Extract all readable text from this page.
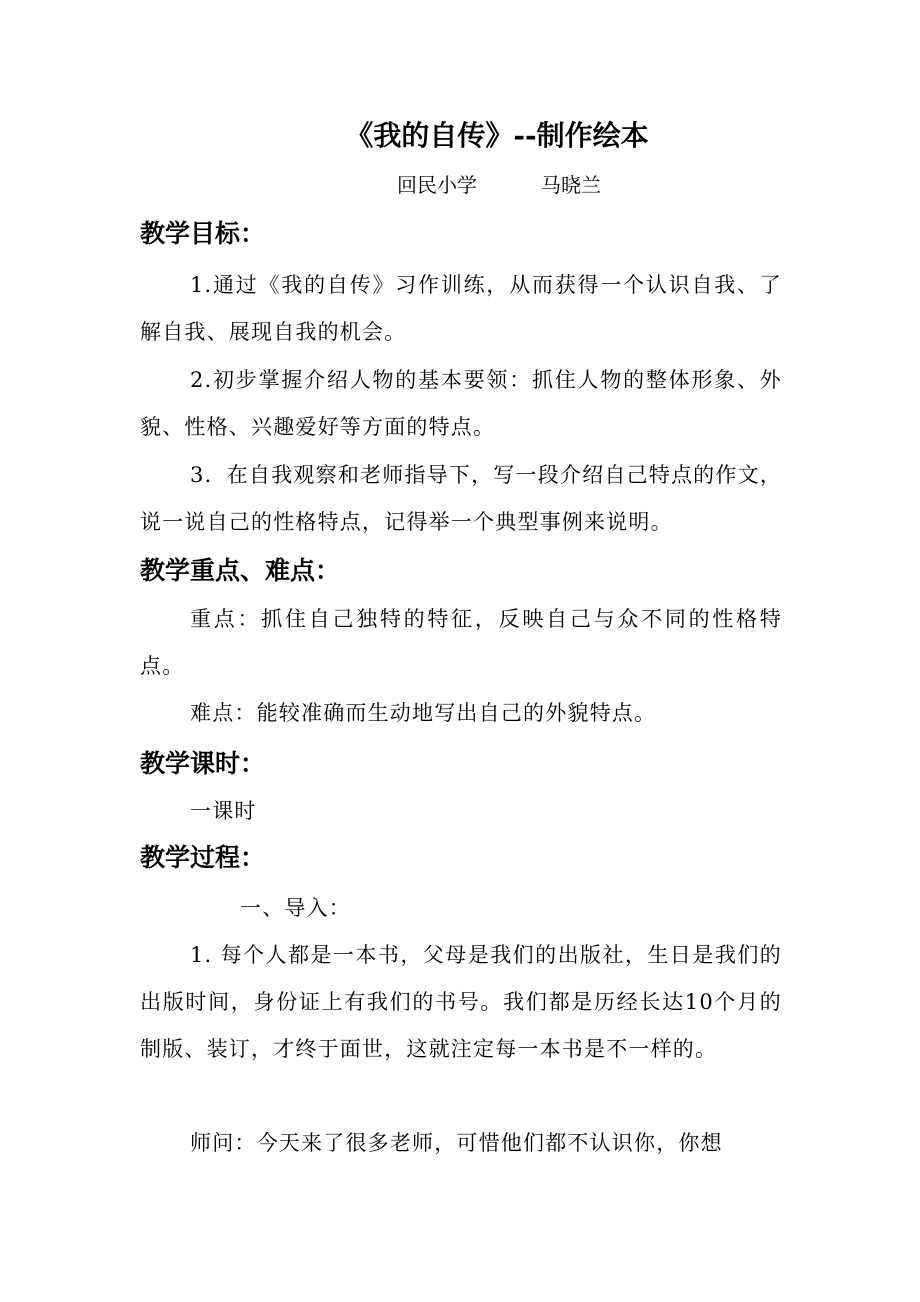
《我的自传》--制作绘本
回民小学	马晓兰
教学目标：
1.通过《我的自传》习作训练，从而获得一个认识自我、了解自我、展现自我的机会。
2.初步掌握介绍人物的基本要领：抓住人物的整体形象、外貌、性格、兴趣爱好等方面的特点。
3．在自我观察和老师指导下，写一段介绍自己特点的作文，说一说自己的性格特点，记得举一个典型事例来说明。
教学重点、难点：
重点：抓住自己独特的特征，反映自己与众不同的性格特点。
难点：能较准确而生动地写出自己的外貌特点。
教学课时：
一课时
教学过程：
一、导入：
1. 每个人都是一本书，父母是我们的出版社，生日是我们的出版时间，身份证上有我们的书号。我们都是历经长达10个月的制版、装订，才终于面世，这就注定每一本书是不一样的。
师问：今天来了很多老师，可惜他们都不认识你，你想
